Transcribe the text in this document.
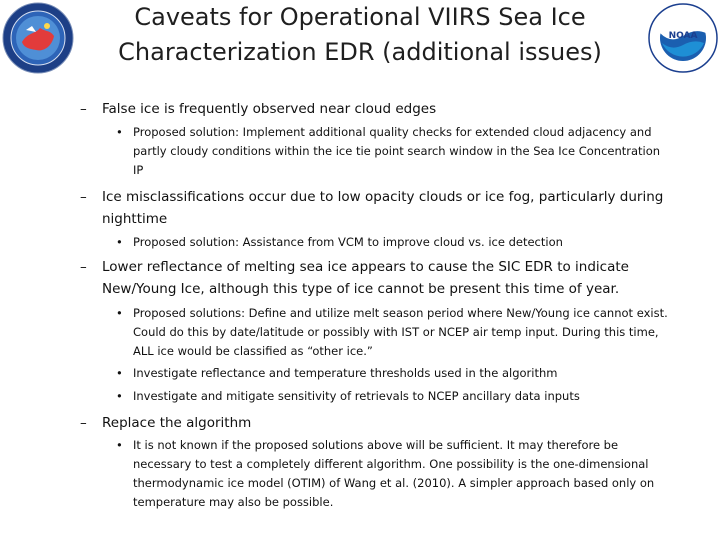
Caveats for Operational VIIRS Sea Ice
Characterization EDR (additional issues)
NOAA
– False ice is frequently observed near cloud edges
• Proposed solution: Implement additional quality checks for extended cloud adjacency and partly cloudy conditions within the ice tie point search window in the Sea Ice Concentration IP
– Ice misclassifications occur due to low opacity clouds or ice fog, particularly during nighttime
• Proposed solution: Assistance from VCM to improve cloud vs. ice detection
– Lower reflectance of melting sea ice appears to cause the SIC EDR to indicate New/Young Ice, although this type of ice cannot be present this time of year.
• Proposed solutions: Define and utilize melt season period where New/Young ice cannot exist. Could do this by date/latitude or possibly with IST or NCEP air temp input. During this time, ALL ice would be classified as “other ice.”
• Investigate reflectance and temperature thresholds used in the algorithm
• Investigate and mitigate sensitivity of retrievals to NCEP ancillary data inputs
– Replace the algorithm
• It is not known if the proposed solutions above will be sufficient. It may therefore be necessary to test a completely different algorithm. One possibility is the one-dimensional thermodynamic ice model (OTIM) of Wang et al. (2010). A simpler approach based only on temperature may also be possible.
